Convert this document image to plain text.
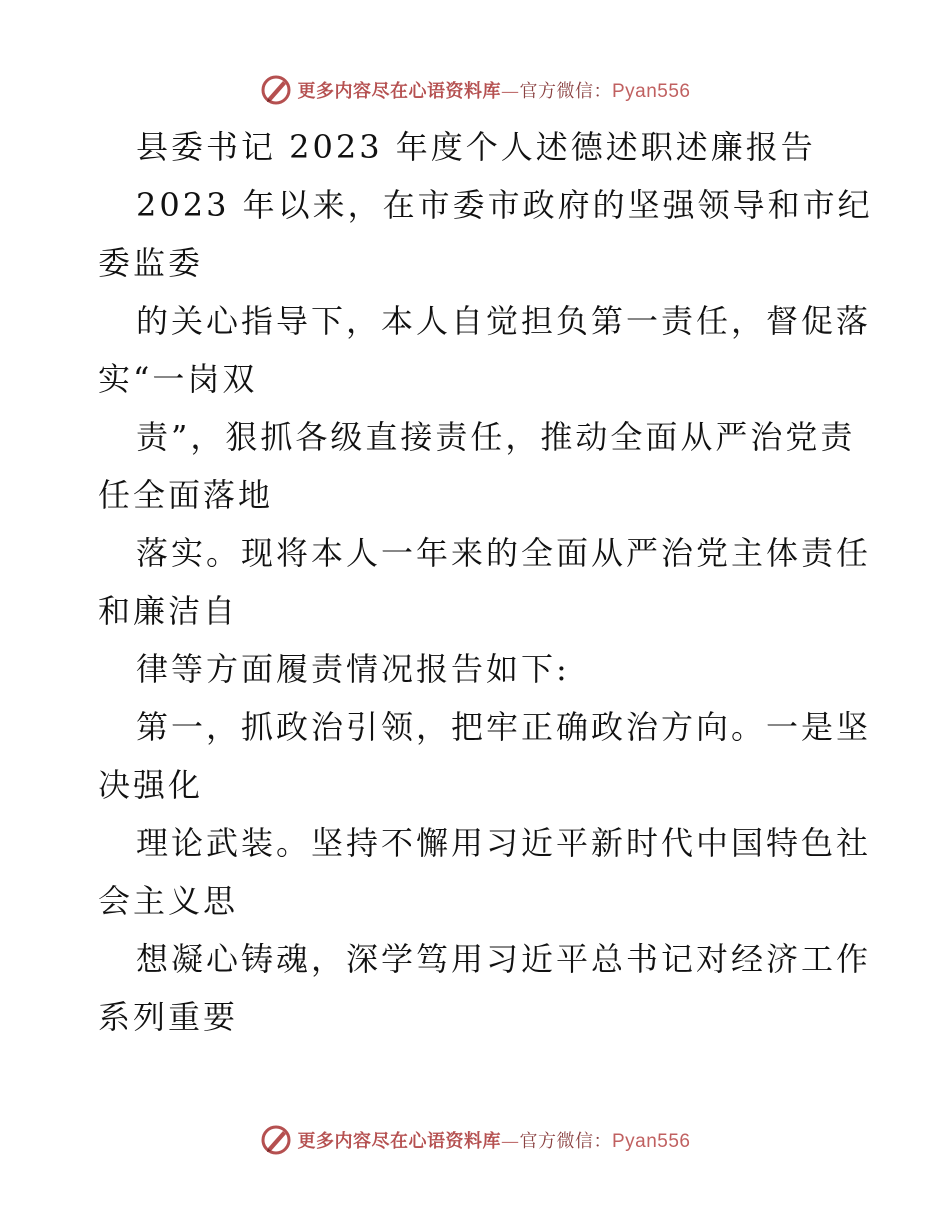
更多内容尽在心语资料库—官方微信：Pyan556
县委书记 2023 年度个人述德述职述廉报告
2023 年以来，在市委市政府的坚强领导和市纪
委监委
的关心指导下，本人自觉担负第一责任，督促落
实“一岗双
责”，狠抓各级直接责任，推动全面从严治党责
任全面落地
落实。现将本人一年来的全面从严治党主体责任
和廉洁自
律等方面履责情况报告如下:
第一，抓政治引领，把牢正确政治方向。一是坚
决强化
理论武装。坚持不懈用习近平新时代中国特色社
会主义思
想凝心铸魂，深学笃用习近平总书记对经济工作
系列重要
更多内容尽在心语资料库—官方微信：Pyan556
